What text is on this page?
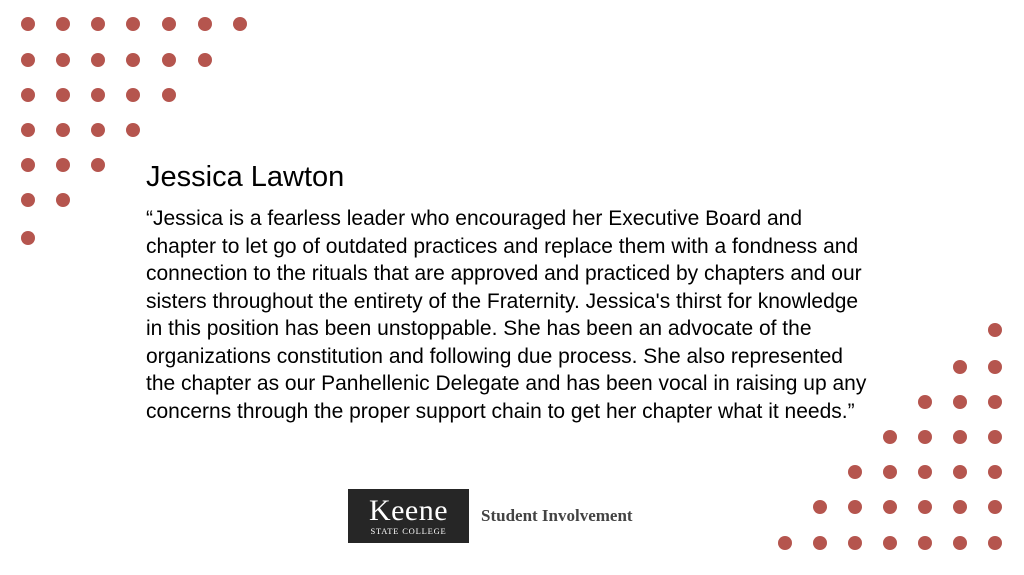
Jessica Lawton
“Jessica is a fearless leader who encouraged her Executive Board and chapter to let go of outdated practices and replace them with a fondness and connection to the rituals that are approved and practiced by chapters and our sisters throughout the entirety of the Fraternity. Jessica's thirst for knowledge in this position has been unstoppable. She has been an advocate of the organizations constitution and following due process. She also represented the chapter as our Panhellenic Delegate and has been vocal in raising up any concerns through the proper support chain to get her chapter what it needs.”
Keene
STATE COLLEGE
Student Involvement
